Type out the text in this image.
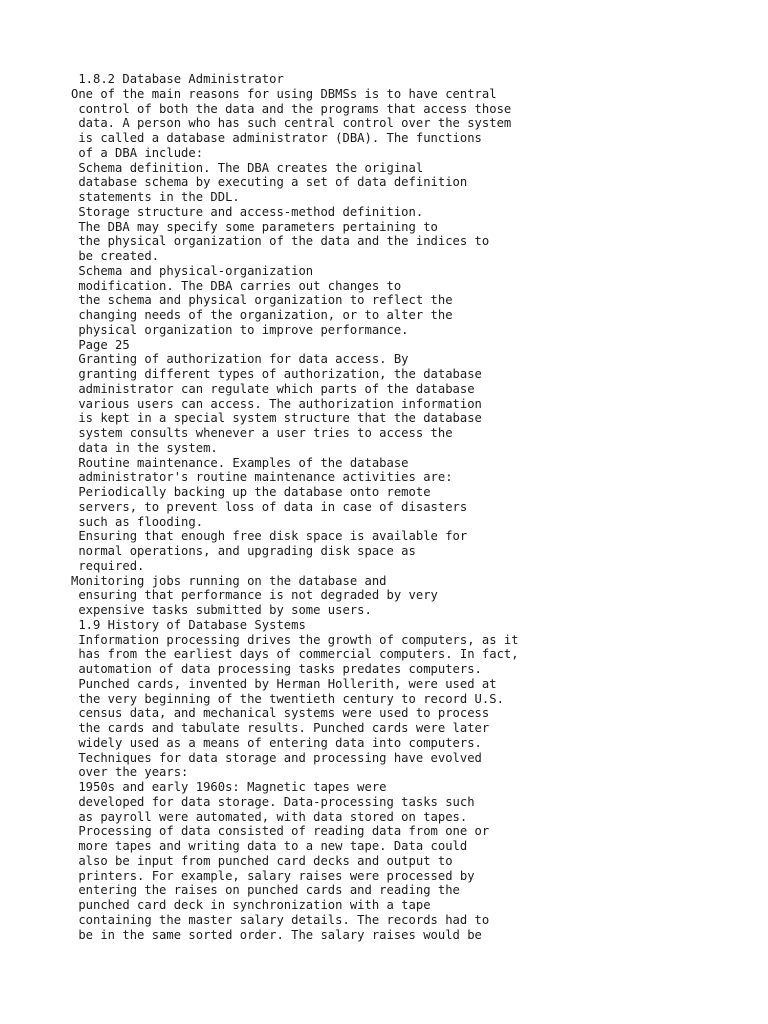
1.8.2 Database Administrator
One of the main reasons for using DBMSs is to have central
control of both the data and the programs that access those
data. A person who has such central control over the system
is called a database administrator (DBA). The functions
of a DBA include:
Schema definition. The DBA creates the original
database schema by executing a set of data definition
statements in the DDL.
Storage structure and access-method definition.
The DBA may specify some parameters pertaining to
the physical organization of the data and the indices to
be created.
Schema and physical-organization
modification. The DBA carries out changes to
the schema and physical organization to reflect the
changing needs of the organization, or to alter the
physical organization to improve performance.
Page 25
Granting of authorization for data access. By
granting different types of authorization, the database
administrator can regulate which parts of the database
various users can access. The authorization information
is kept in a special system structure that the database
system consults whenever a user tries to access the
data in the system.
Routine maintenance. Examples of the database
administrator's routine maintenance activities are:
Periodically backing up the database onto remote
servers, to prevent loss of data in case of disasters
such as flooding.
Ensuring that enough free disk space is available for
normal operations, and upgrading disk space as
required.
Monitoring jobs running on the database and
ensuring that performance is not degraded by very
expensive tasks submitted by some users.
1.9 History of Database Systems
Information processing drives the growth of computers, as it
has from the earliest days of commercial computers. In fact,
automation of data processing tasks predates computers.
Punched cards, invented by Herman Hollerith, were used at
the very beginning of the twentieth century to record U.S.
census data, and mechanical systems were used to process
the cards and tabulate results. Punched cards were later
widely used as a means of entering data into computers.
Techniques for data storage and processing have evolved
over the years:
1950s and early 1960s: Magnetic tapes were
developed for data storage. Data-processing tasks such
as payroll were automated, with data stored on tapes.
Processing of data consisted of reading data from one or
more tapes and writing data to a new tape. Data could
also be input from punched card decks and output to
printers. For example, salary raises were processed by
entering the raises on punched cards and reading the
punched card deck in synchronization with a tape
containing the master salary details. The records had to
be in the same sorted order. The salary raises would be
